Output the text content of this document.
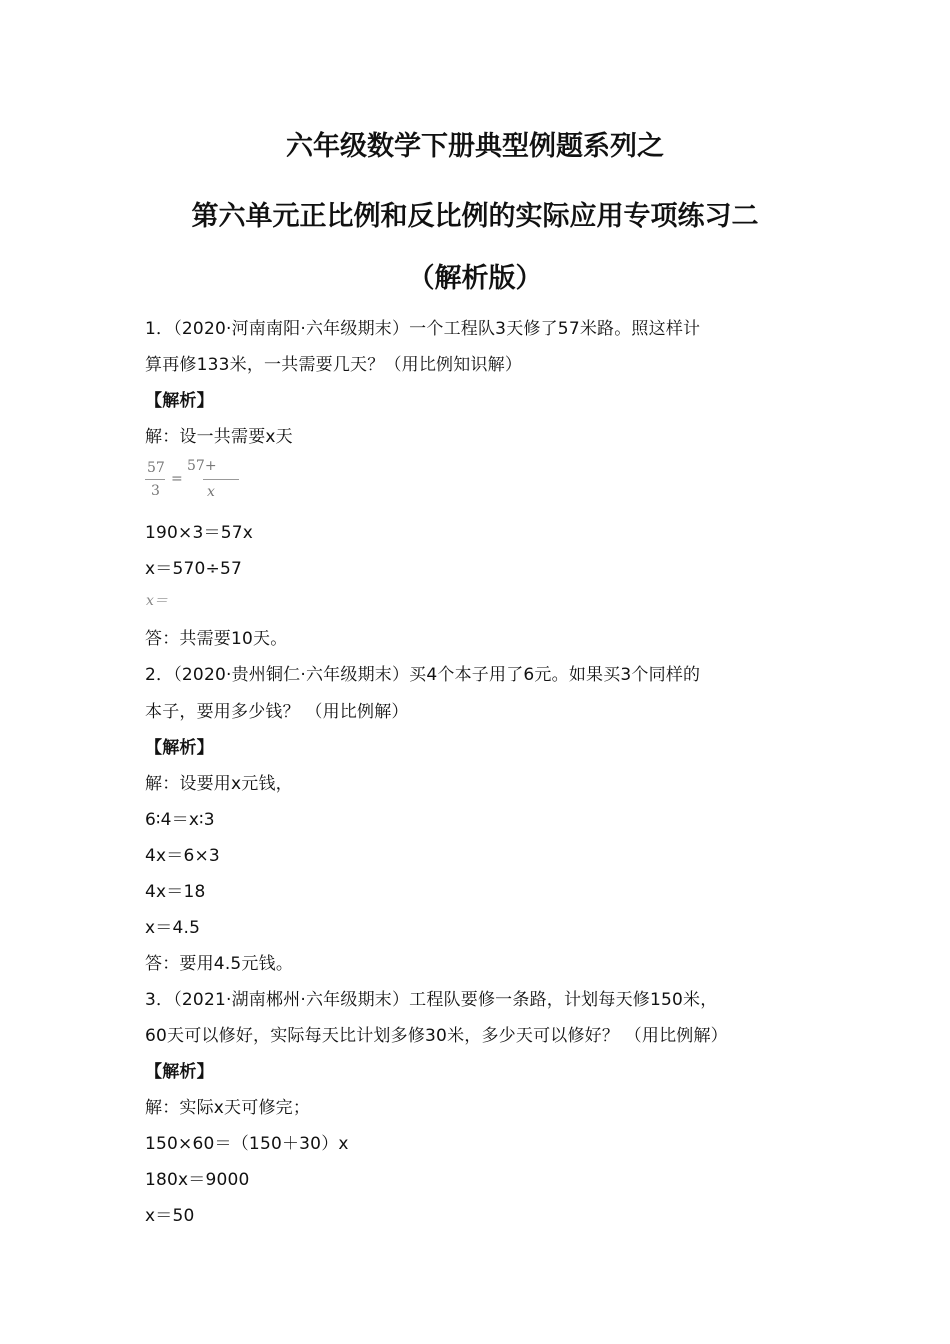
六年级数学下册典型例题系列之
第六单元正比例和反比例的实际应用专项练习二
（解析版）
1．（2020·河南南阳·六年级期末）一个工程队3天修了57米路。照这样计
算再修133米，一共需要几天？（用比例知识解）
【解析】
解：设一共需要x天
57
3
=
57+
x
190×3＝57x
x＝570÷57
x＝
答：共需要10天。
2．（2020·贵州铜仁·六年级期末）买4个本子用了6元。如果买3个同样的
本子，要用多少钱？ （用比例解）
【解析】
解：设要用x元钱，
6∶4＝x∶3
4x＝6×3
4x＝18
x＝4.5
答：要用4.5元钱。
3．（2021·湖南郴州·六年级期末）工程队要修一条路，计划每天修150米，
60天可以修好，实际每天比计划多修30米，多少天可以修好？ （用比例解）
【解析】
解：实际x天可修完；
150×60＝（150＋30）x
180x＝9000
x＝50
